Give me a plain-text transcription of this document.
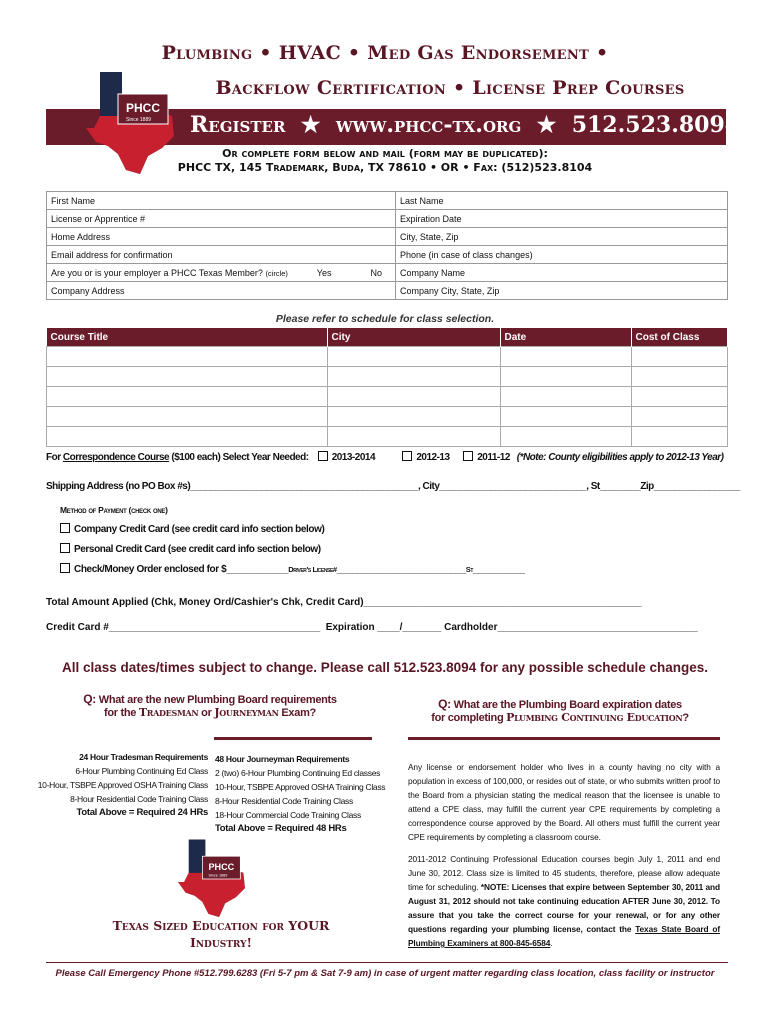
Plumbing • HVAC • Med Gas Endorsement •
Backflow Certification • License Prep Courses
PHCC
Since 1889 Register  ★  www.phcc-tx.org  ★  512.523.8094
Or complete form below and mail (form may be duplicated):
PHCC TX, 145 Trademark, Buda, TX 78610 • OR • Fax: (512)523.8104
First Name	Last Name
License or Apprentice #	Expiration Date
Home Address	City, State, Zip
Email address for confirmation	Phone (in case of class changes)
Are you or is your employer a PHCC Texas Member? (circle) Yes No	Company Name
Company Address	Company City, State, Zip
Please refer to schedule for class selection.
Course Title	City	Date	Cost of Class

For Correspondence Course ($100 each) Select Year Needed: 2013-2014	2012-13	2011-12 (*Note: County eligibilities apply to 2012-13 Year)
Shipping Address (no PO Box #s)_____________________________________________, City_____________________________, St________Zip_________________
Method of Payment (check one)
Company Credit Card (see credit card info section below)
Personal Credit Card (see credit card info section below)
Check/Money Order enclosed for $____________Driver's License#_________________________St__________
Total Amount Applied (Chk, Money Ord/Cashier's Chk, Credit Card)__________________________________________________
Credit Card #______________________________________  Expiration ____/_______ Cardholder____________________________________
All class dates/times subject to change. Please call 512.523.8094 for any possible schedule changes.
Q: What are the new Plumbing Board requirements
for the Tradesman or Journeyman Exam?
Q: What are the Plumbing Board expiration dates
for completing Plumbing Continuing Education?
24 Hour Tradesman Requirements
6-Hour Plumbing Continuing Ed Class
10-Hour, TSBPE Approved OSHA Training Class
8-Hour Residential Code Training Class
Total Above = Required 24 HRs
48 Hour Journeyman Requirements
2 (two) 6-Hour Plumbing Continuing Ed classes
10-Hour, TSBPE Approved OSHA Training Class
8-Hour Residential Code Training Class
18-Hour Commercial Code Training Class
Total Above = Required 48 HRs
PHCC
Since 1889
Texas Sized Education for YOUR
Industry!
Any license or endorsement holder who lives in a county having no city with a population in excess of 100,000, or resides out of state, or who submits written proof to the Board from a physician stating the medical reason that the licensee is unable to attend a CPE class, may fulfill the current year CPE requirements by completing a correspondence course approved by the Board. All others must fulfill the current year CPE requirements by completing a classroom course.
2011-2012 Continuing Professional Education courses begin July 1, 2011 and end June 30, 2012. Class size is limited to 45 students, therefore, please allow adequate time for scheduling. *NOTE: Licenses that expire between September 30, 2011 and August 31, 2012 should not take continuing education AFTER June 30, 2012. To assure that you take the correct course for your renewal, or for any other questions regarding your plumbing license, contact the Texas State Board of Plumbing Examiners at 800-845-6584.
Please Call Emergency Phone #512.799.6283 (Fri 5-7 pm & Sat 7-9 am) in case of urgent matter regarding class location, class facility or instructor
